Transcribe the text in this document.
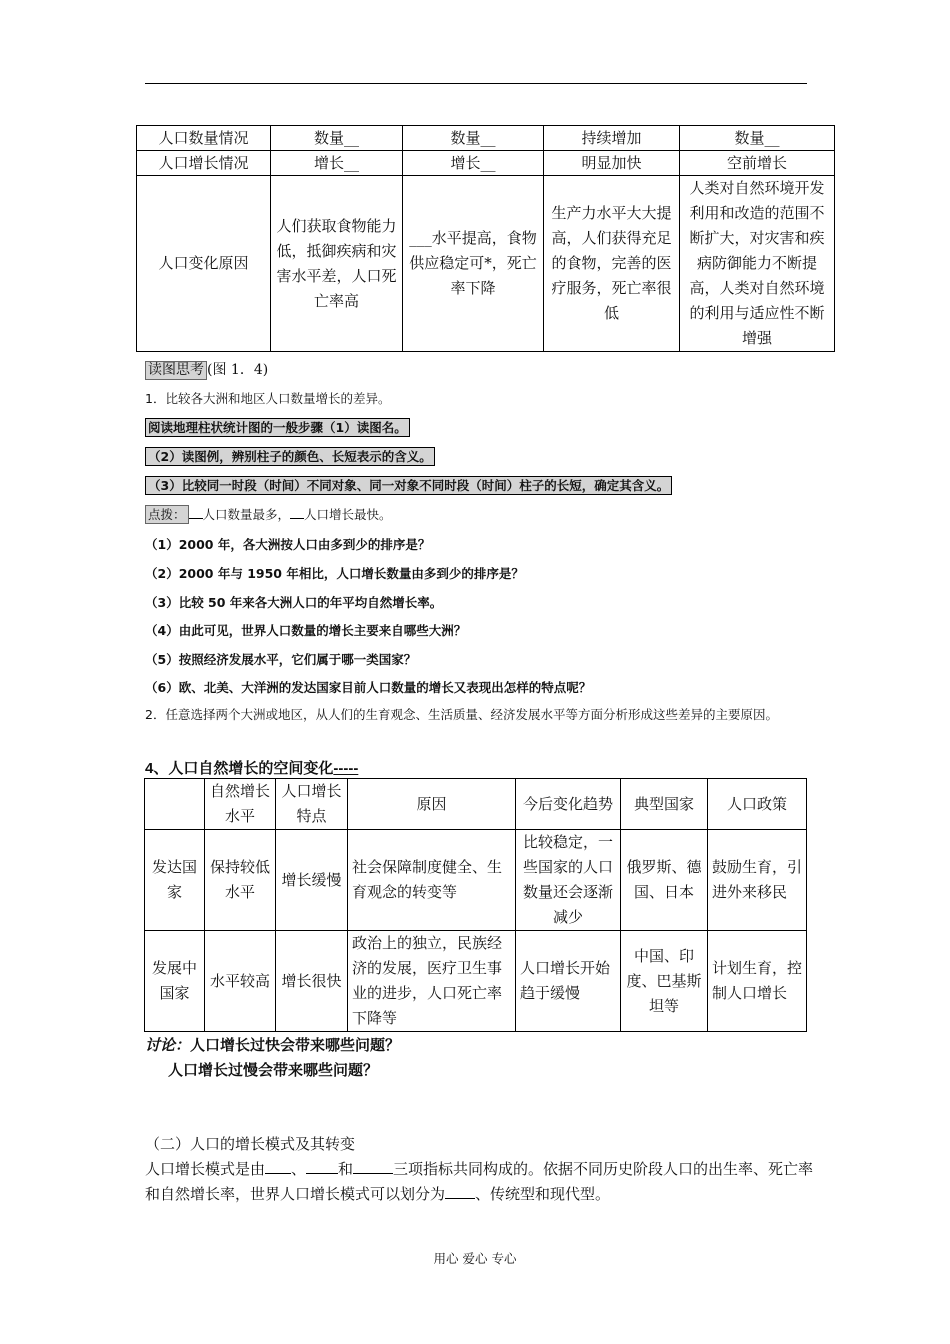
人口数量情况	数量__	数量__	持续增加	数量__
人口增长情况	增长__	增长__	明显加快	空前增长
人口变化原因	人们获取食物能力低，抵御疾病和灾害水平差，人口死亡率高	___水平提高，食物供应稳定可*，死亡率下降	生产力水平大大提高，人们获得充足的食物，完善的医疗服务，死亡率很低	人类对自然环境开发利用和改造的范围不断扩大，对灾害和疾病防御能力不断提高，人类对自然环境的利用与适应性不断增强
读图思考 (图 1．4)
1．比较各大洲和地区人口数量增长的差异。
阅读地理柱状统计图的一般步骤（1）读图名。
（2）读图例，辨别柱子的颜色、长短表示的含义。
（3）比较同一时段（时间）不同对象、同一对象不同时段（时间）柱子的长短，确定其含义。
点拨： 人口数量最多， 人口增长最快。
（1）2000 年，各大洲按人口由多到少的排序是？
（2）2000 年与 1950 年相比，人口增长数量由多到少的排序是？
（3）比较 50 年来各大洲人口的年平均自然增长率。
（4）由此可见，世界人口数量的增长主要来自哪些大洲？
（5）按照经济发展水平，它们属于哪一类国家？
（6）欧、北美、大洋洲的发达国家目前人口数量的增长又表现出怎样的特点呢？
2．任意选择两个大洲或地区，从人们的生育观念、生活质量、经济发展水平等方面分析形成这些差异的主要原因。
4、人口自然增长的空间变化-----
	自然增长水平	人口增长特点	原因	今后变化趋势	典型国家	人口政策
发达国家	保持较低水平	增长缓慢	社会保障制度健全、生育观念的转变等	比较稳定，一些国家的人口数量还会逐渐减少	俄罗斯、德国、日本	鼓励生育，引进外来移民
发展中国家	水平较高	增长很快	政治上的独立，民族经济的发展，医疗卫生事业的进步，人口死亡率下降等	人口增长开始趋于缓慢	中国、印度、巴基斯坦等	计划生育，控制人口增长
讨论：人口增长过快会带来哪些问题？
人口增长过慢会带来哪些问题？
（二）人口的增长模式及其转变
人口增长模式是由 、 和	三项指标共同构成的。依据不同历史阶段人口的出生率、死亡率和自然增长率，世界人口增长模式可以划分为 、传统型和现代型。
用心 爱心 专心
